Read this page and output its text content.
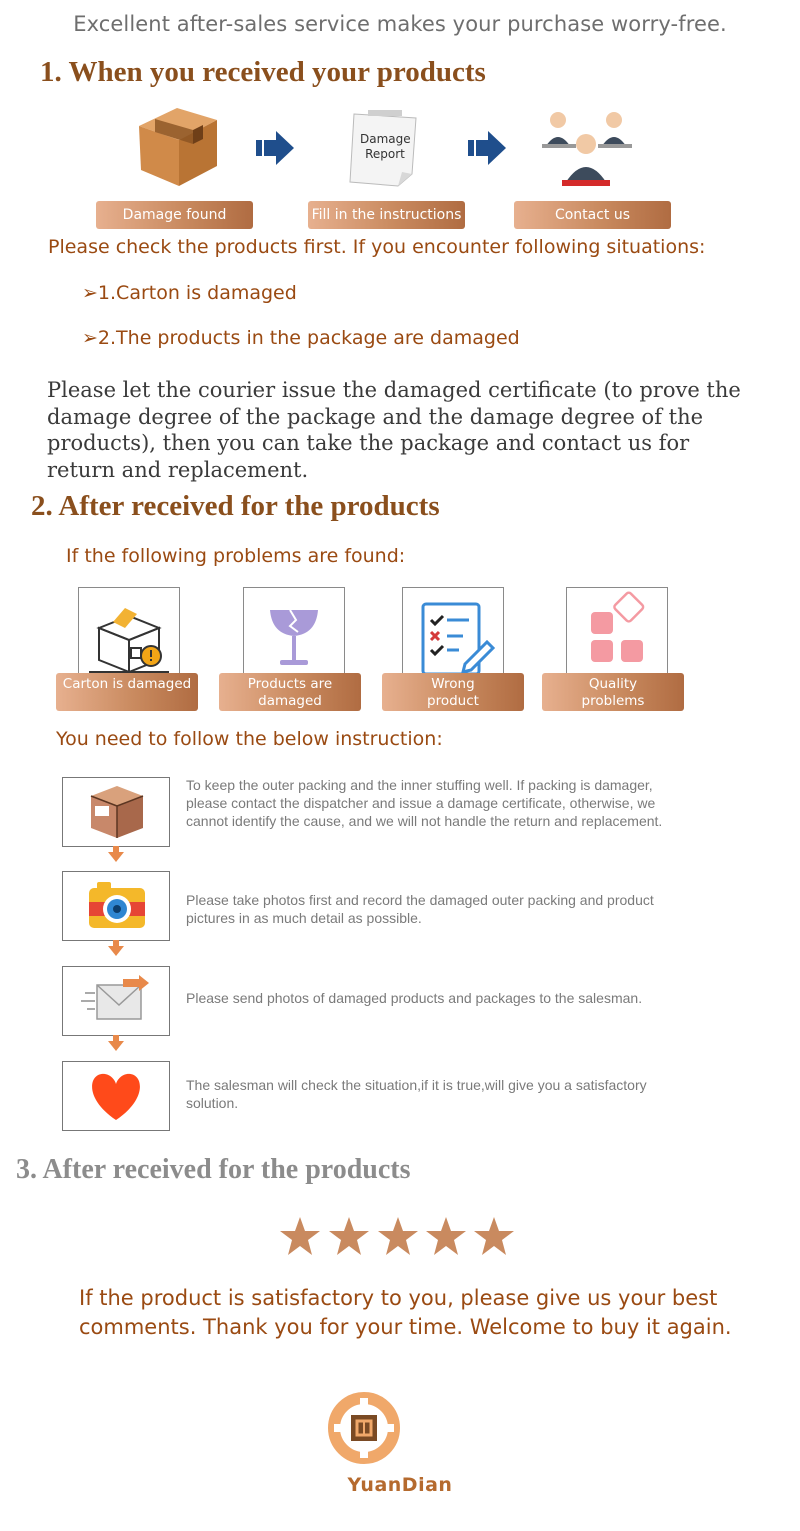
Excellent after-sales service makes your purchase worry-free.
1. When you received your products
Damage
Report
Damage found	Fill in the instructions	Contact us
Please check the products first. If you encounter following situations:
➢1.Carton is damaged
➢2.The products in the package are damaged
Please let the courier issue the damaged certificate (to prove the damage degree of the package and the damage degree of the products), then you can take the package and contact us for return and replacement.
2. After received for the products
If the following problems are found:
Carton is damaged	Products are damaged
Wrong product
Quality problems
You need to follow the below instruction:
To keep the outer packing and the inner stuffing well. If packing is damager, please contact the dispatcher and issue a damage certificate, otherwise, we cannot identify the cause, and we will not handle the return and replacement.
Please take photos first and record the damaged outer packing and product pictures in as much detail as possible.
Please send photos of damaged products and packages to the salesman.
The salesman will check the situation,if it is true,will give you a satisfactory solution.
3. After received for the products
If the product is satisfactory to you, please give us your best comments. Thank you for your time. Welcome to buy it again.
YuanDian
